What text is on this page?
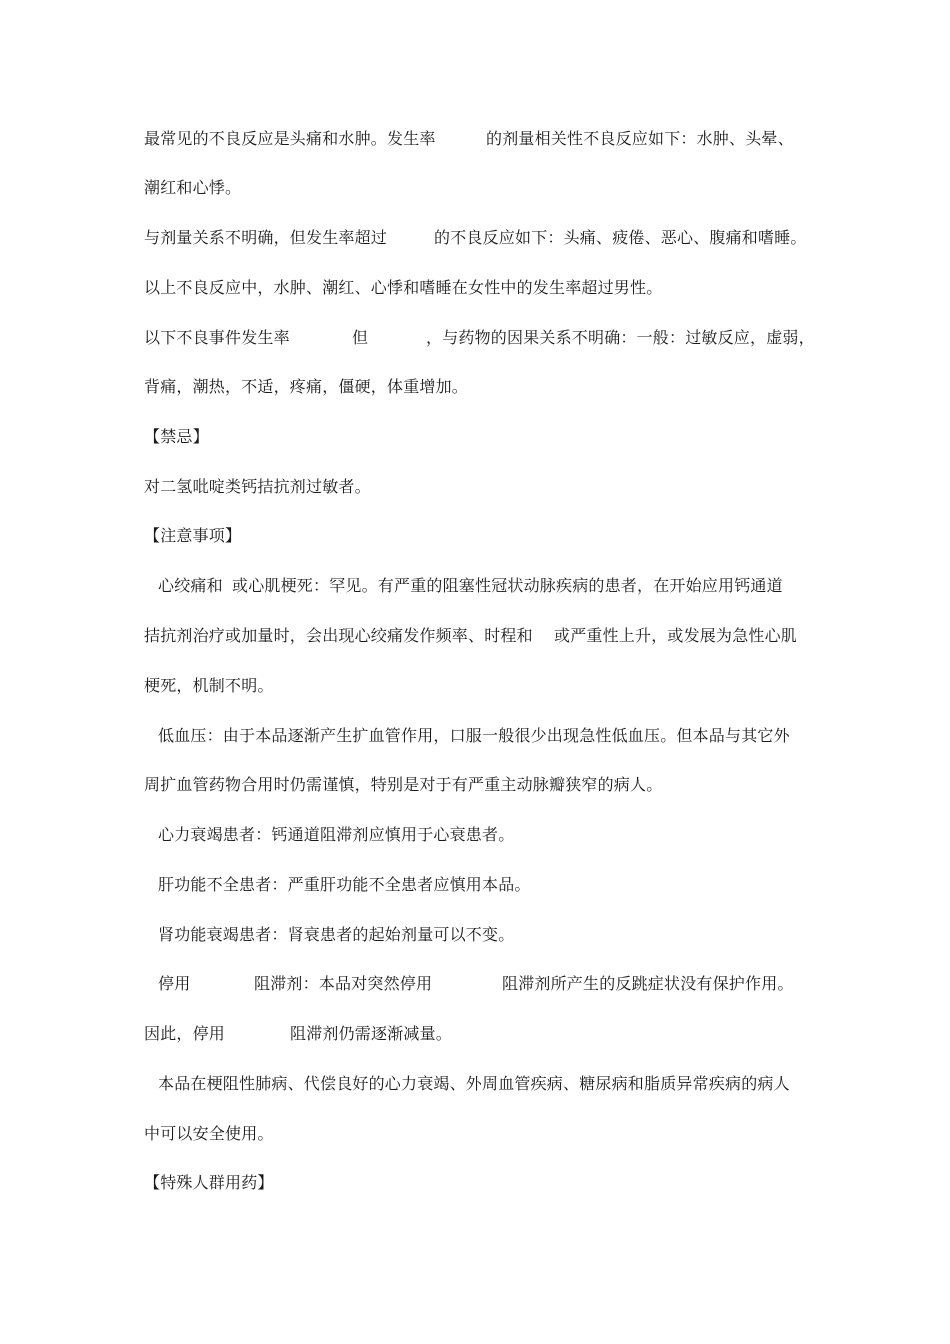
最常见的不良反应是头痛和水肿。发生率	的剂量相关性不良反应如下：水肿、头晕、
潮红和心悸。
与剂量关系不明确，但发生率超过	的不良反应如下：头痛、疲倦、恶心、腹痛和嗜睡。
以上不良反应中，水肿、潮红、心悸和嗜睡在女性中的发生率超过男性。
以下不良事件发生率	但	，与药物的因果关系不明确：一般：过敏反应，虚弱，
背痛，潮热，不适，疼痛，僵硬，体重增加。
【禁忌】
对二氢吡啶类钙拮抗剂过敏者。
【注意事项】
心绞痛和 或心肌梗死：罕见。有严重的阻塞性冠状动脉疾病的患者，在开始应用钙通道
拮抗剂治疗或加量时，会出现心绞痛发作频率、时程和 或严重性上升，或发展为急性心肌
梗死，机制不明。
低血压：由于本品逐渐产生扩血管作用，口服一般很少出现急性低血压。但本品与其它外
周扩血管药物合用时仍需谨慎，特别是对于有严重主动脉瓣狭窄的病人。
心力衰竭患者：钙通道阻滞剂应慎用于心衰患者。
肝功能不全患者：严重肝功能不全患者应慎用本品。
肾功能衰竭患者：肾衰患者的起始剂量可以不变。
停用	阻滞剂：本品对突然停用	阻滞剂所产生的反跳症状没有保护作用。
因此，停用	阻滞剂仍需逐渐减量。
本品在梗阻性肺病、代偿良好的心力衰竭、外周血管疾病、糖尿病和脂质异常疾病的病人
中可以安全使用。
【特殊人群用药】
